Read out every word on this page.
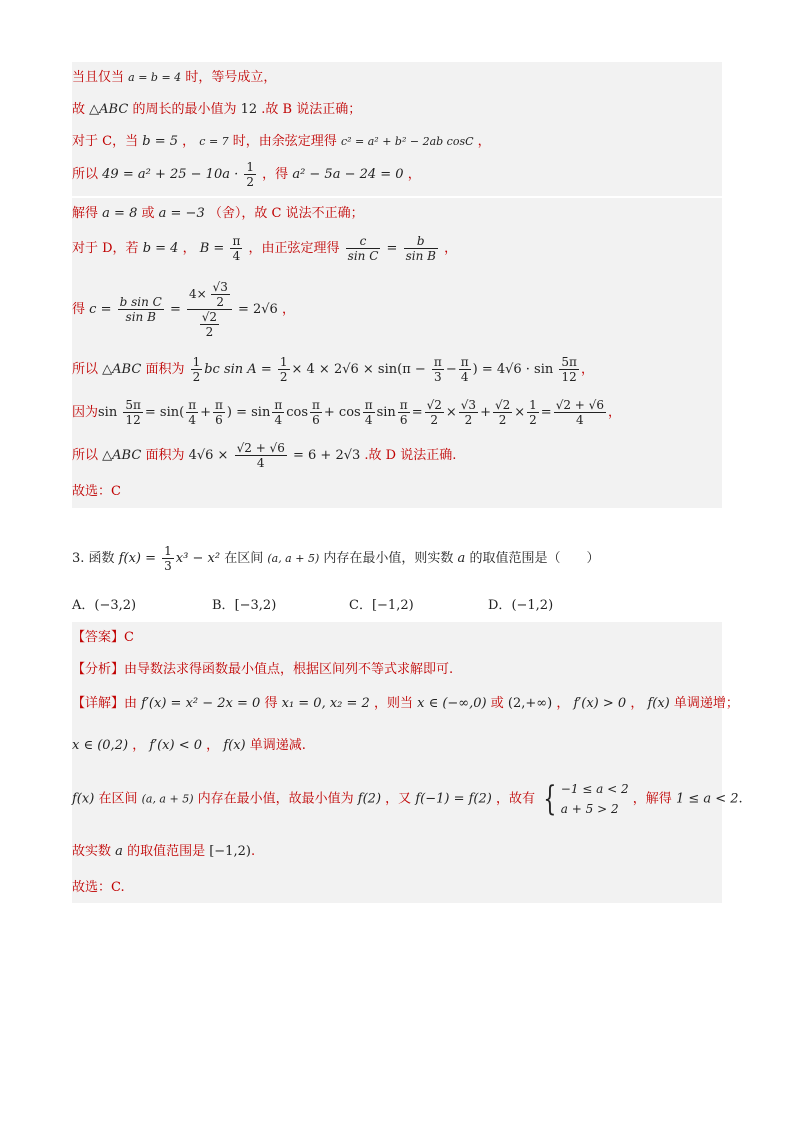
当且仅当 a = b = 4 时，等号成立，
故 △ABC 的周长的最小值为 12 .故 B 说法正确；
对于 C，当 b = 5 ， c = 7 时，由余弦定理得 c² = a² + b² − 2ab cosC ，
所以 $49 = a^2 + 25 - 10a \cdot \frac{1}{2}$ ，得 a² − 5a − 24 = 0 ，
解得 a = 8 或 a = −3 （舍），故 C 说法不正确；
对于 D，若 b = 4 ， $B = \frac{\pi}{4}$ ，由正弦定理得 $\frac{c}{\text{sin C}} = \frac{b}{\text{sin B}}$ ，
得 $c = \frac{\text{b sin C}}{\text{sin B}} = \frac{4\times \frac{√3}{2}}{\frac{√2}{2}} = 2√6$ ，
所以 △ABC 面积为 $\frac{1}{2}$ bc $\sin A = \frac{1}{2} \times 4 \times 2√6 \times \sin(\pi - \frac{\pi}{3} - \frac{\pi}{4}$ ) = $4√6 \cdot \sin \frac{5\pi}{12}$ ，
因为$\sin \frac{5\pi}{12} = \sin( \frac{\pi}{4} + \frac{\pi}{6}$ ) = $\sin \frac{\pi}{4}$ $\cos \frac{\pi}{6} + \cos \frac{\pi}{4}$ $\sin \frac{\pi}{6} = \frac{√2}{2} \times \frac{√3}{2} + \frac{√2}{2} \times \frac{1}{2} = \frac{√2 + √6}{4}$ ，
所以 △ABC 面积为 $4√6 \times \frac{√2 + √6}{4} = 6 + 2√3$ .故 D 说法正确.
故选：C
3. 函数 $f(x) = \frac{1}{3} x^3 - x^2$ 在区间 (a, a + 5) 内存在最小值，则实数 a 的取值范围是（　　）
A．(−3,2)	B．[−3,2)	C．[−1,2)	D．(−1,2)
【答案】C
【分析】由导数法求得函数最小值点，根据区间列不等式求解即可.
【详解】由 f′(x) = x² − 2x = 0 得 x₁ = 0, x₂ = 2 ，则当 x ∈ (−∞,0) 或 (2,+∞) ， f′(x) > 0 ， f(x) 单调递增；
x ∈ (0,2) ， f′(x) < 0 ， f(x) 单调递减.
f(x) 在区间 (a, a + 5) 内存在最小值，故最小值为 f(2) ，又 f(−1) = f(2) ，故有 { −1 ≤ a < 2
a + 5 > 2
，解得 1 ≤ a < 2.
故实数 a 的取值范围是 [−1,2).
故选：C.
